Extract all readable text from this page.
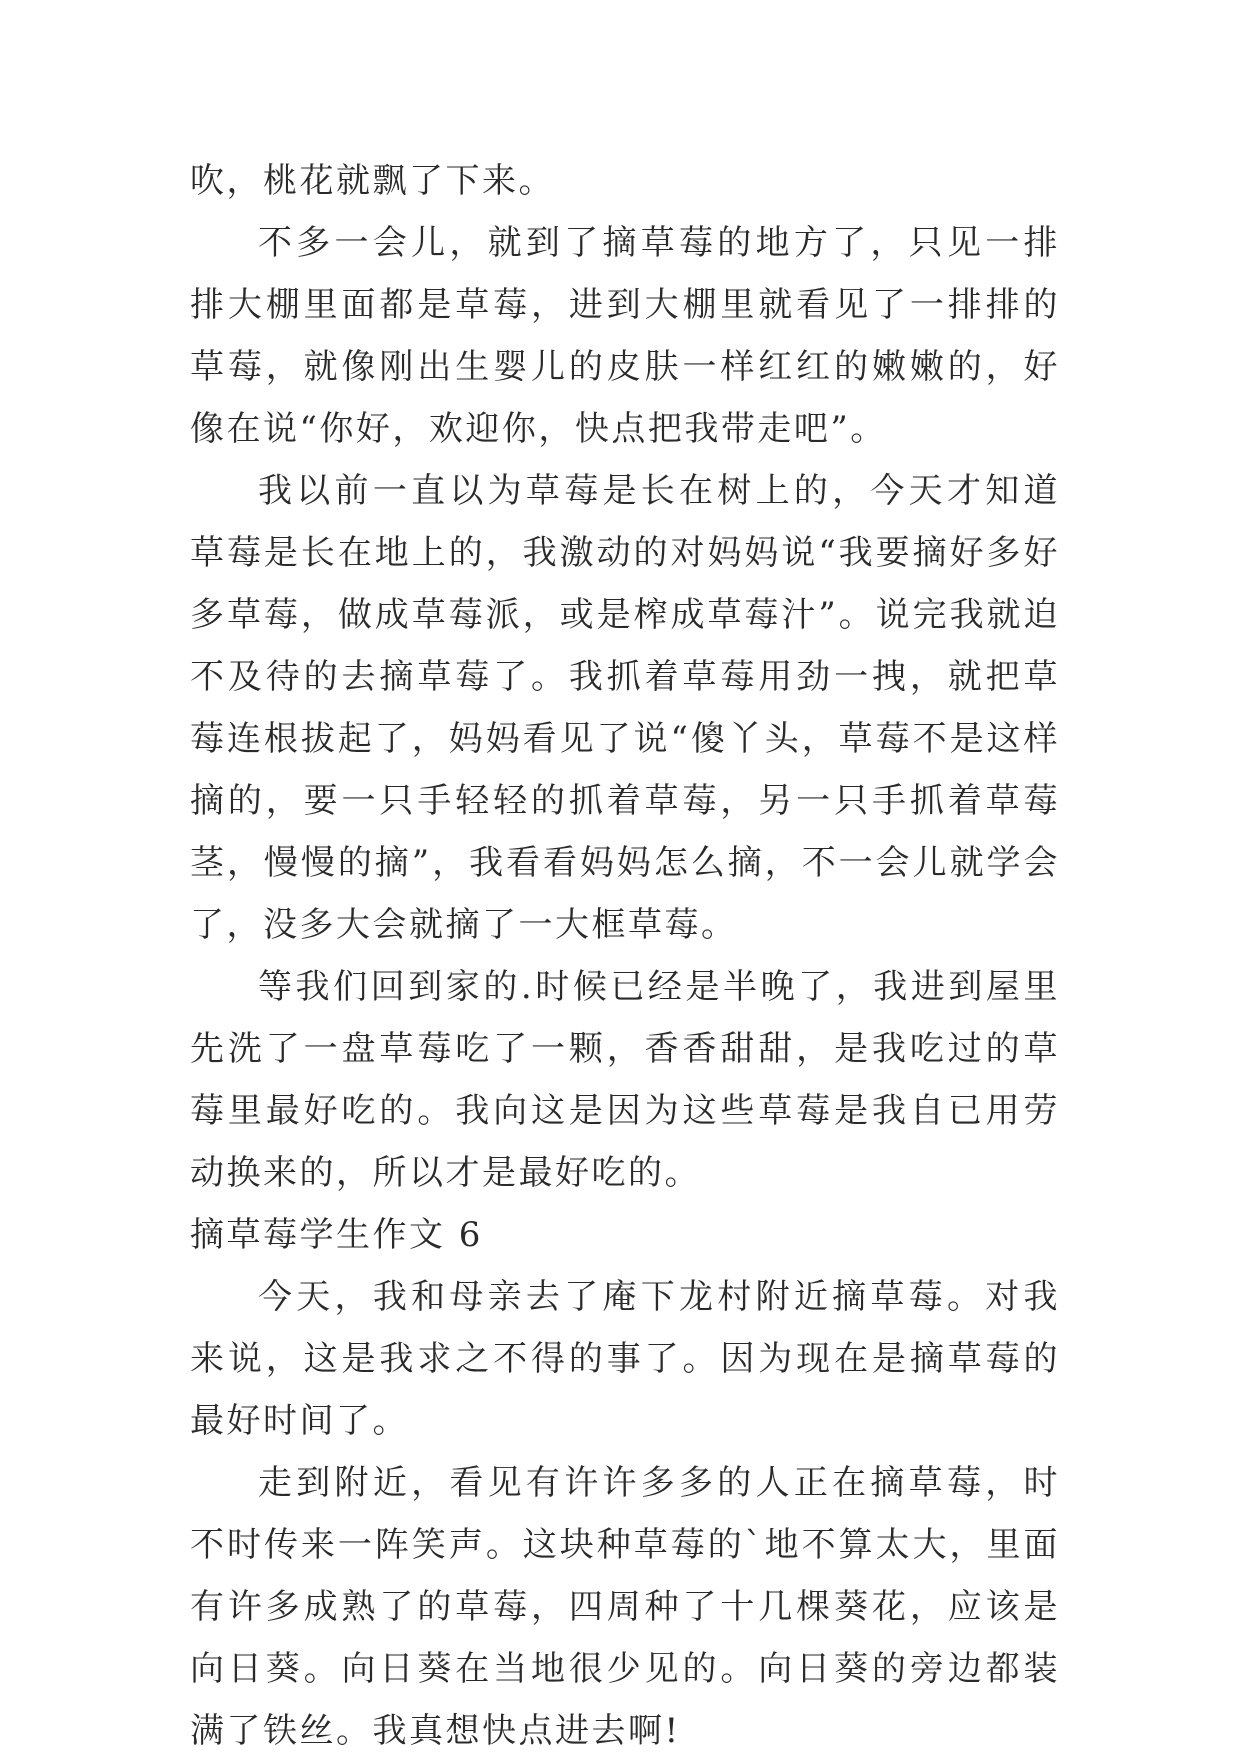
吹，桃花就飘了下来。

不多一会儿，就到了摘草莓的地方了，只见一排排大棚里面都是草莓，进到大棚里就看见了一排排的草莓，就像刚出生婴儿的皮肤一样红红的嫩嫩的，好像在说“你好，欢迎你，快点把我带走吧”。

我以前一直以为草莓是长在树上的，今天才知道草莓是长在地上的，我激动的对妈妈说“我要摘好多好多草莓，做成草莓派，或是榨成草莓汁”。说完我就迫不及待的去摘草莓了。我抓着草莓用劲一拽，就把草莓连根拔起了，妈妈看见了说“傻丫头，草莓不是这样摘的，要一只手轻轻的抓着草莓，另一只手抓着草莓茎，慢慢的摘”，我看看妈妈怎么摘，不一会儿就学会了，没多大会就摘了一大框草莓。

等我们回到家的.时候已经是半晚了，我进到屋里先洗了一盘草莓吃了一颗，香香甜甜，是我吃过的草莓里最好吃的。我向这是因为这些草莓是我自已用劳动换来的，所以才是最好吃的。

摘草莓学生作文 6

今天，我和母亲去了庵下龙村附近摘草莓。对我来说，这是我求之不得的事了。因为现在是摘草莓的最好时间了。

走到附近，看见有许许多多的人正在摘草莓，时不时传来一阵笑声。这块种草莓的`地不算太大，里面有许多成熟了的草莓，四周种了十几棵葵花，应该是向日葵。向日葵在当地很少见的。向日葵的旁边都装满了铁丝。我真想快点进去啊!
